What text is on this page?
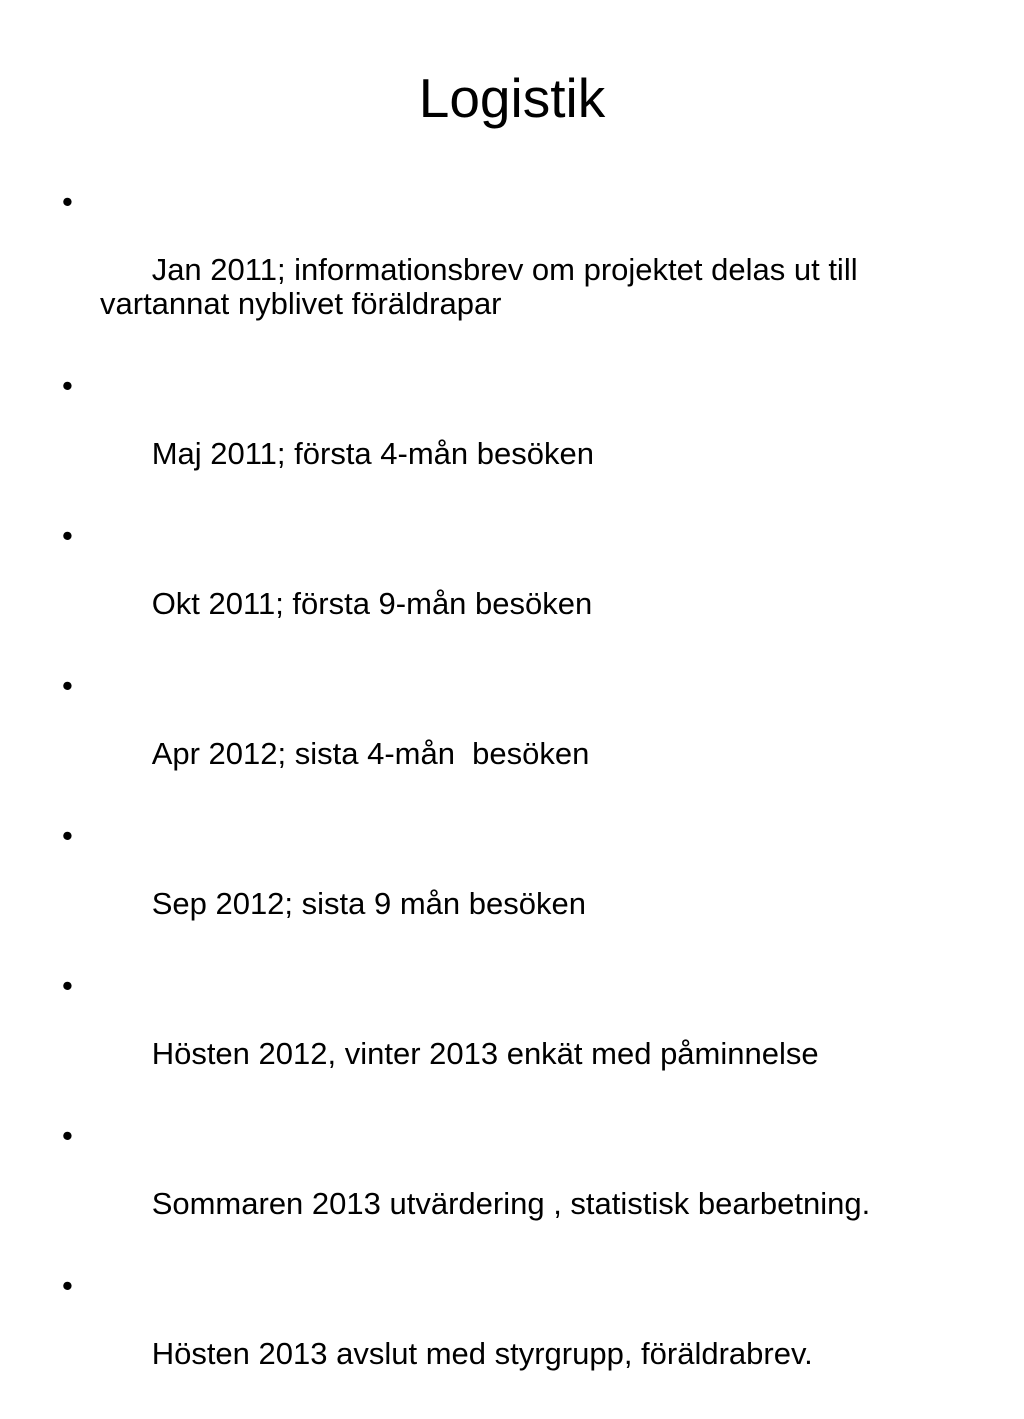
Logistik

•

Jan 2011; informationsbrev om projektet delas ut till vartannat nyblivet föräldrapar

•

Maj 2011; första 4-mån besöken

•

Okt 2011; första 9-mån besöken

•

Apr 2012; sista 4-mån  besöken

•

Sep 2012; sista 9 mån besöken

•

Hösten 2012, vinter 2013 enkät med påminnelse

•

Sommaren 2013 utvärdering , statistisk bearbetning.

•

Hösten 2013 avslut med styrgrupp, föräldrabrev.
